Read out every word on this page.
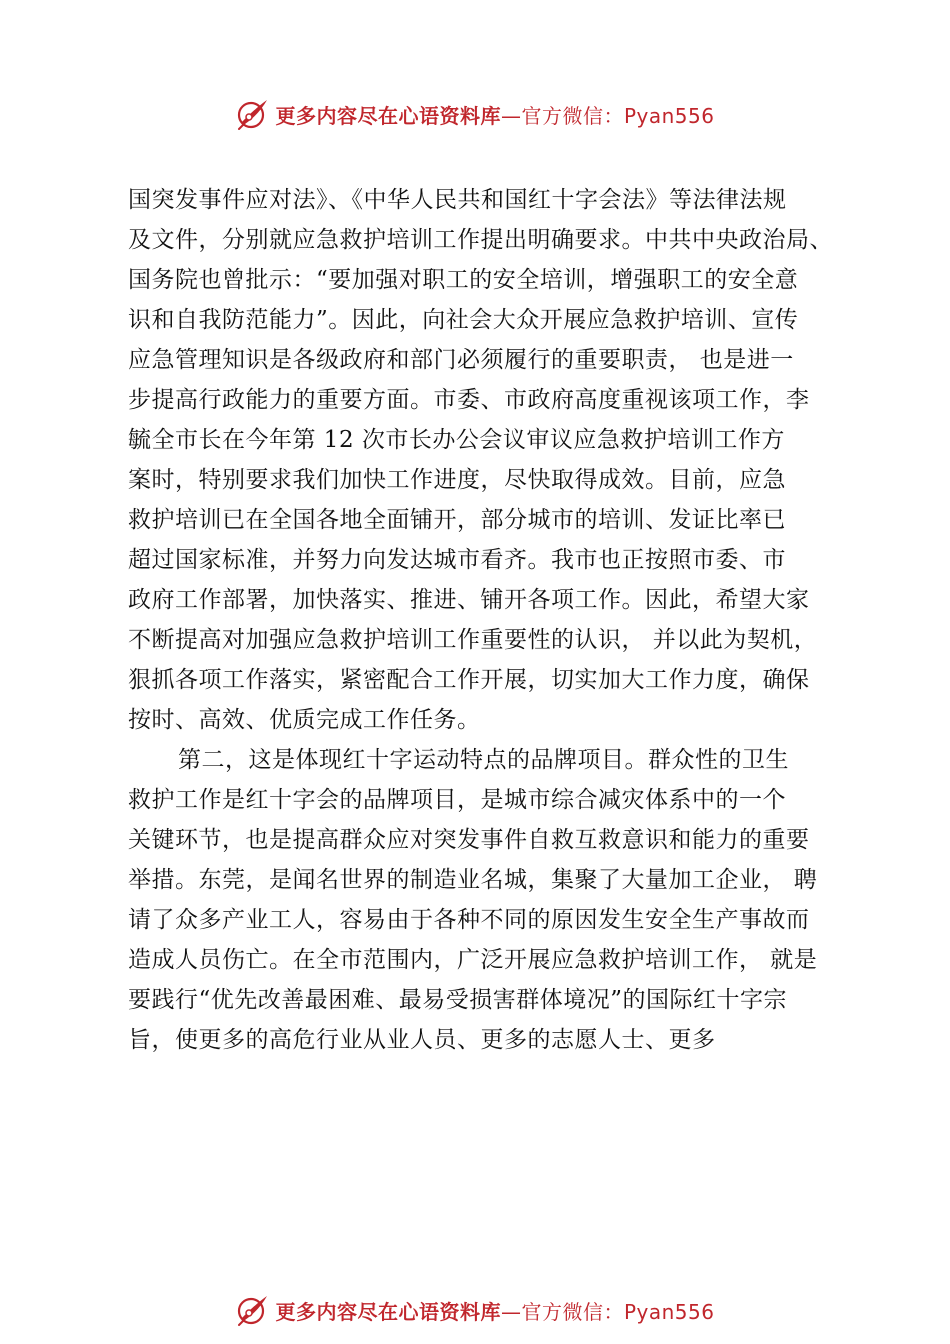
更多内容尽在心语资料库—官方微信：Pyan556
国突发事件应对法》、《中华人民共和国红十字会法》等法律法规
及文件，分别就应急救护培训工作提出明确要求。中共中央政治局、
国务院也曾批示：“要加强对职工的安全培训，增强职工的安全意
识和自我防范能力”。因此，向社会大众开展应急救护培训、宣传
应急管理知识是各级政府和部门必须履行的重要职责， 也是进一
步提高行政能力的重要方面。市委、市政府高度重视该项工作，李
毓全市长在今年第 12 次市长办公会议审议应急救护培训工作方
案时，特别要求我们加快工作进度，尽快取得成效。目前，应急
救护培训已在全国各地全面铺开，部分城市的培训、发证比率已
超过国家标准，并努力向发达城市看齐。我市也正按照市委、市
政府工作部署，加快落实、推进、铺开各项工作。因此，希望大家
不断提高对加强应急救护培训工作重要性的认识， 并以此为契机，
狠抓各项工作落实，紧密配合工作开展，切实加大工作力度，确保
按时、高效、优质完成工作任务。
第二，这是体现红十字运动特点的品牌项目。群众性的卫生
救护工作是红十字会的品牌项目，是城市综合减灾体系中的一个
关键环节，也是提高群众应对突发事件自救互救意识和能力的重要
举措。东莞，是闻名世界的制造业名城，集聚了大量加工企业， 聘
请了众多产业工人，容易由于各种不同的原因发生安全生产事故而
造成人员伤亡。在全市范围内，广泛开展应急救护培训工作， 就是
要践行“优先改善最困难、最易受损害群体境况”的国际红十字宗
旨，使更多的高危行业从业人员、更多的志愿人士、更多
更多内容尽在心语资料库—官方微信：Pyan556
